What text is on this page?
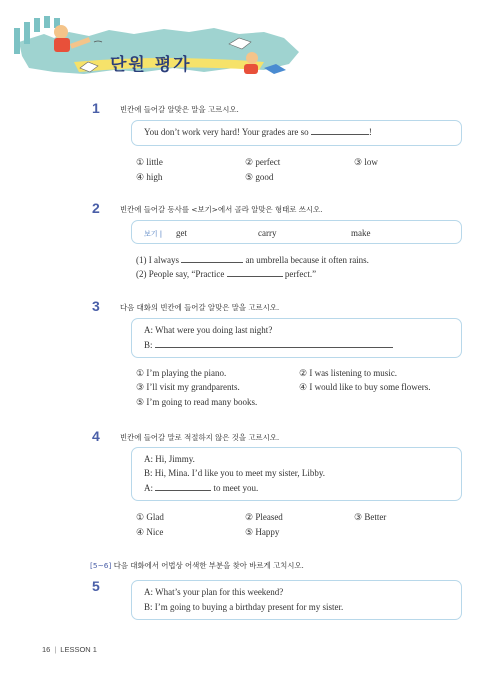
단원 평가
1	빈칸에 들어갈 알맞은 말을 고르시오.
You don’t work very hard! Your grades are so	!
① little	② perfect	③ low
④ high	⑤ good
2	빈칸에 들어갈 동사를 <보기>에서 골라 알맞은 형태로 쓰시오.
보기 | get	carry	make
(1) I always	an umbrella because it often rains.
(2) People say, “Practice	perfect.”
3	다음 대화의 빈칸에 들어갈 알맞은 말을 고르시오.
A: What were you doing last night?
B:
① I’m playing the piano.	② I was listening to music.
③ I’ll visit my grandparents.	④ I would like to buy some flowers.
⑤ I’m going to read many books.
4	빈칸에 들어갈 말로 적절하지 않은 것을 고르시오.
A: Hi, Jimmy.
B: Hi, Mina. I’d like you to meet my sister, Libby.
A:	to meet you.
① Glad	② Pleased	③ Better
④ Nice	⑤ Happy
[5~6] 다음 대화에서 어법상 어색한 부분을 찾아 바르게 고치시오.
5	A: What’s your plan for this weekend?
B: I’m going to buying a birthday present for my sister.
16 | LESSON 1
